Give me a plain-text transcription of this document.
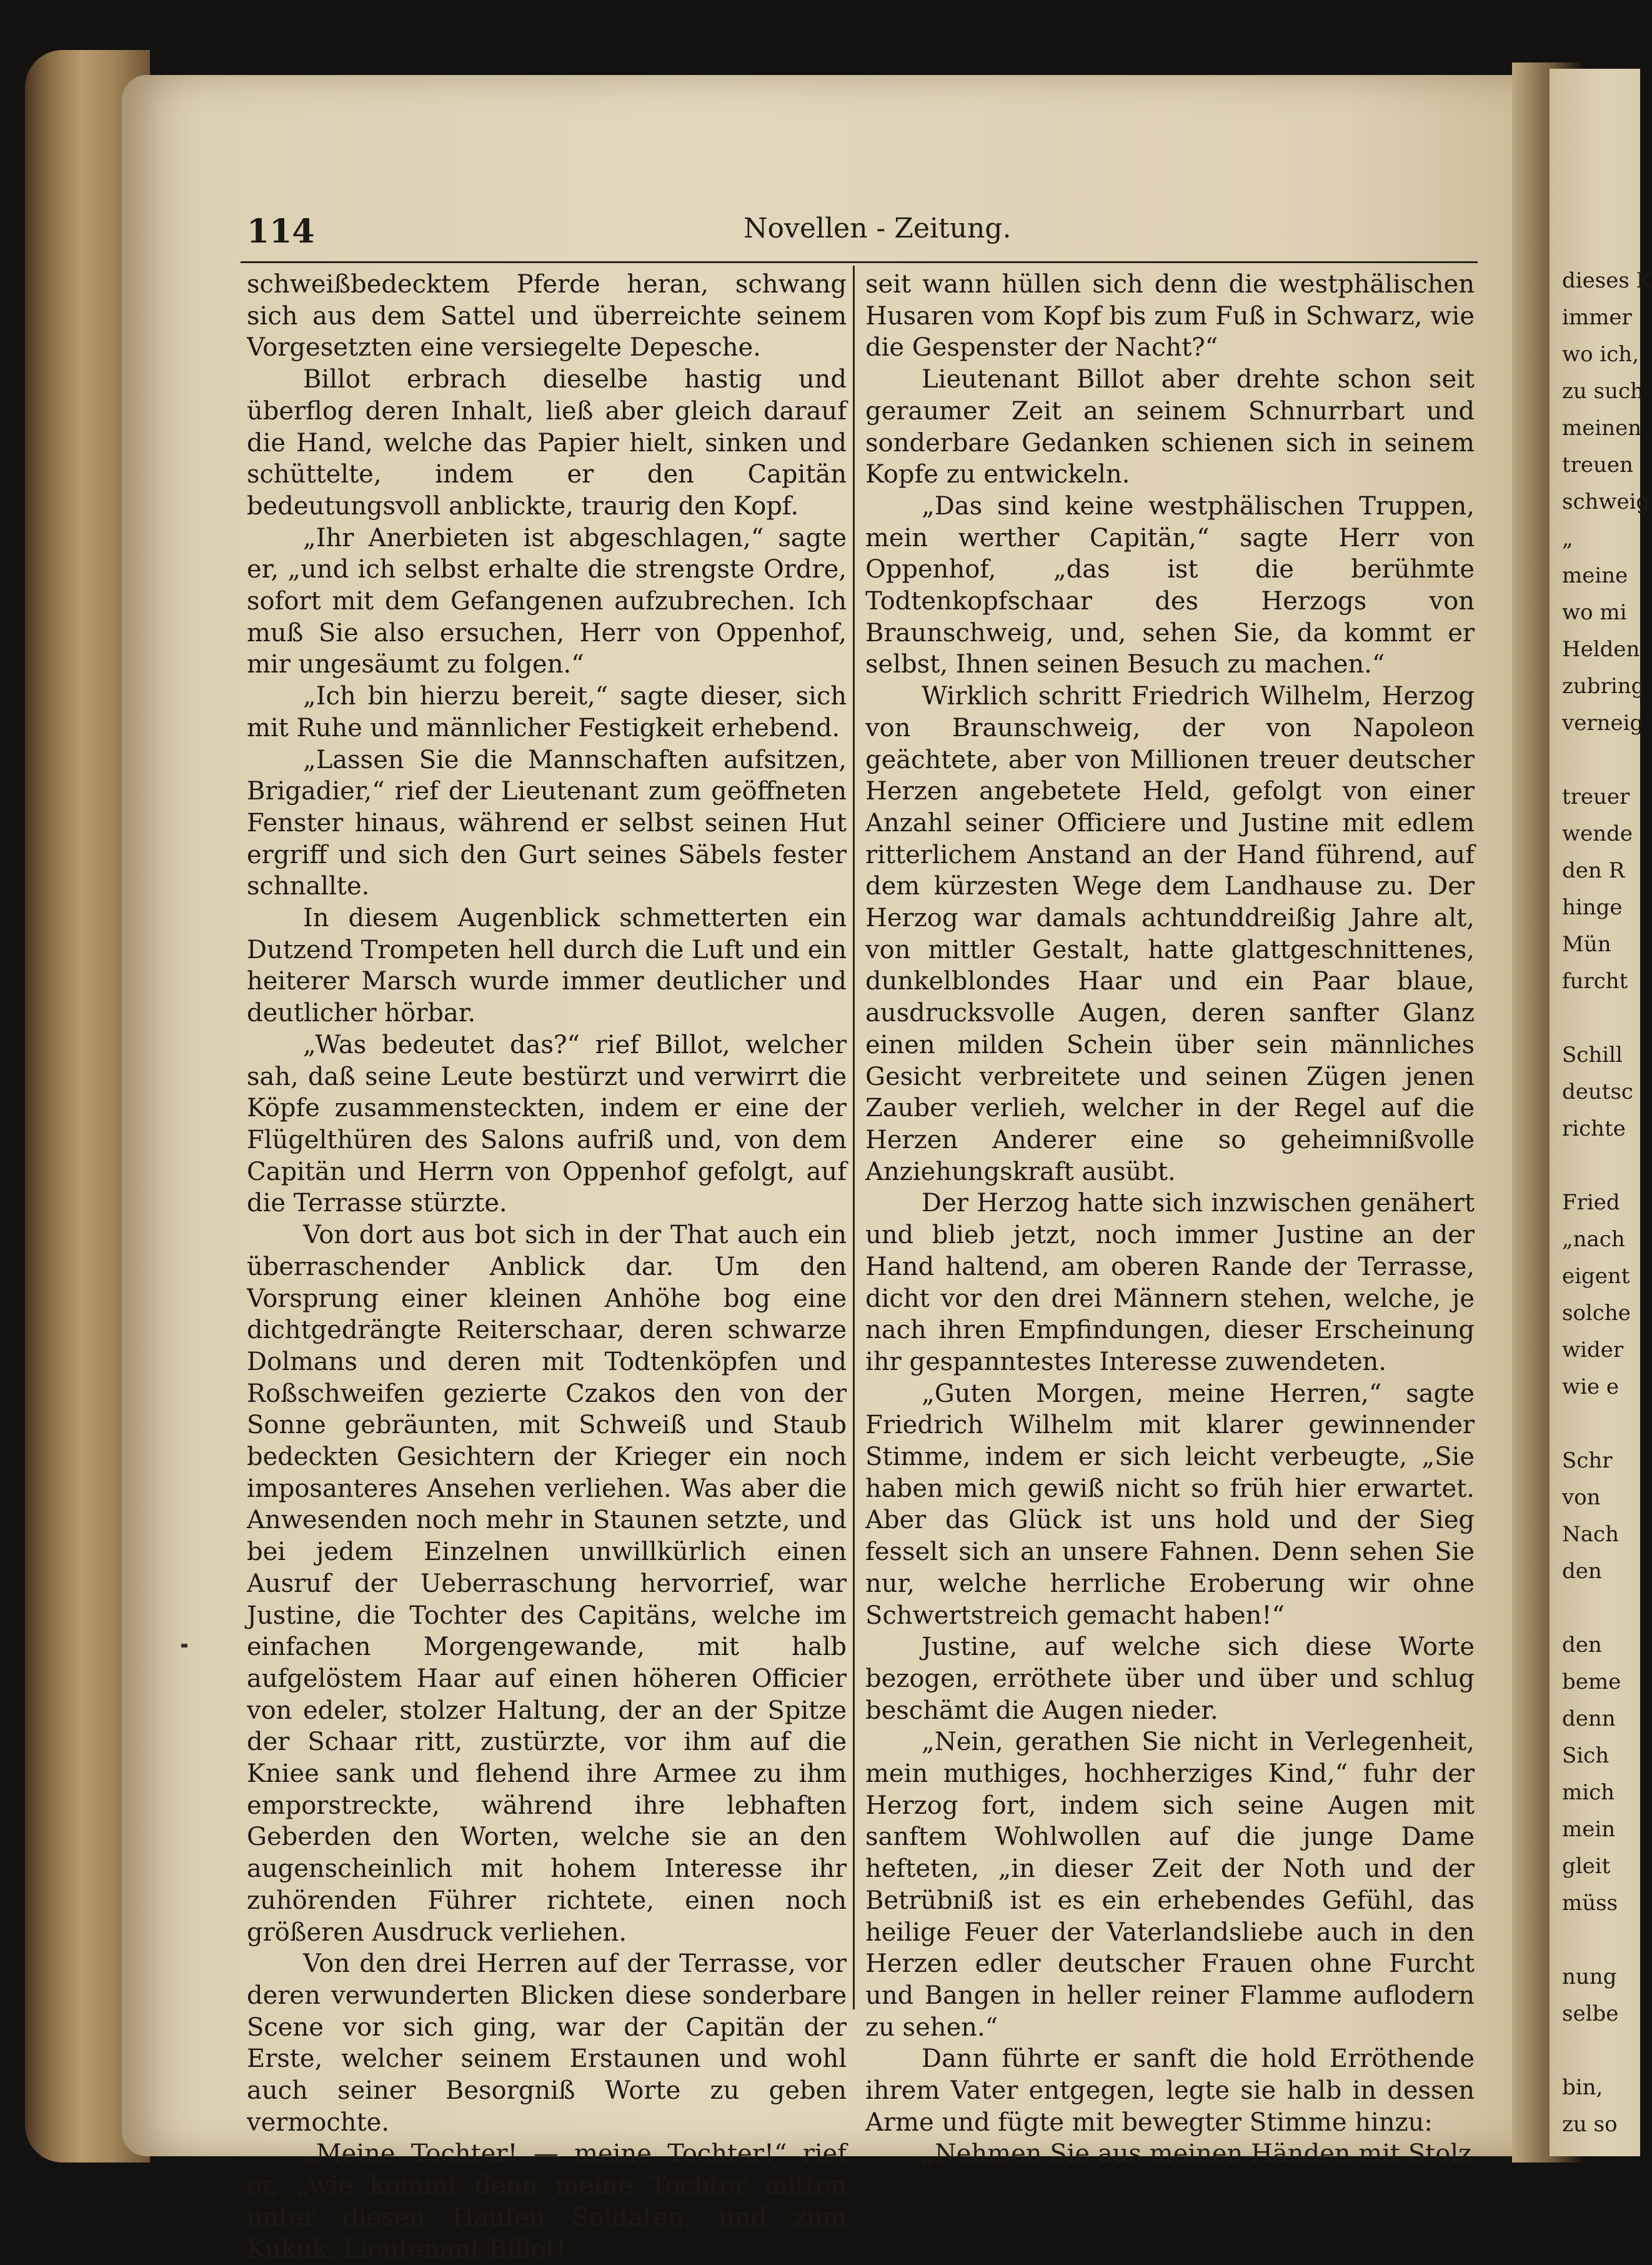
114	Novellen - Zeitung.

schweißbedecktem Pferde heran, schwang sich aus dem Sattel und überreichte seinem Vorgesetzten eine versiegelte Depesche.

Billot erbrach dieselbe hastig und überflog deren Inhalt, ließ aber gleich darauf die Hand, welche das Papier hielt, sinken und schüttelte, indem er den Capitän bedeutungsvoll anblickte, traurig den Kopf.

„Ihr Anerbieten ist abgeschlagen,“ sagte er, „und ich selbst erhalte die strengste Ordre, sofort mit dem Gefangenen aufzubrechen. Ich muß Sie also ersuchen, Herr von Oppenhof, mir ungesäumt zu folgen.“

„Ich bin hierzu bereit,“ sagte dieser, sich mit Ruhe und männlicher Festigkeit erhebend.

„Lassen Sie die Mannschaften aufsitzen, Brigadier,“ rief der Lieutenant zum geöffneten Fenster hinaus, während er selbst seinen Hut ergriff und sich den Gurt seines Säbels fester schnallte.

In diesem Augenblick schmetterten ein Dutzend Trompeten hell durch die Luft und ein heiterer Marsch wurde immer deutlicher und deutlicher hörbar.

„Was bedeutet das?“ rief Billot, welcher sah, daß seine Leute bestürzt und verwirrt die Köpfe zusammensteckten, indem er eine der Flügelthüren des Salons aufriß und, von dem Capitän und Herrn von Oppenhof gefolgt, auf die Terrasse stürzte.

Von dort aus bot sich in der That auch ein überraschender Anblick dar. Um den Vorsprung einer kleinen Anhöhe bog eine dichtgedrängte Reiterschaar, deren schwarze Dolmans und deren mit Todtenköpfen und Roßschweifen gezierte Czakos den von der Sonne gebräunten, mit Schweiß und Staub bedeckten Gesichtern der Krieger ein noch imposanteres Ansehen verliehen. Was aber die Anwesenden noch mehr in Staunen setzte, und bei jedem Einzelnen unwillkürlich einen Ausruf der Ueberraschung hervorrief, war Justine, die Tochter des Capitäns, welche im einfachen Morgengewande, mit halb aufgelöstem Haar auf einen höheren Officier von edeler, stolzer Haltung, der an der Spitze der Schaar ritt, zustürzte, vor ihm auf die Kniee sank und flehend ihre Armee zu ihm emporstreckte, während ihre lebhaften Geberden den Worten, welche sie an den augenscheinlich mit hohem Interesse ihr zuhörenden Führer richtete, einen noch größeren Ausdruck verliehen.

Von den drei Herren auf der Terrasse, vor deren verwunderten Blicken diese sonderbare Scene vor sich ging, war der Capitän der Erste, welcher seinem Erstaunen und wohl auch seiner Besorgniß Worte zu geben vermochte.

„Meine Tochter! — meine Tochter!“ rief er, „wie kommt denn meine Tochter mitten unter diesen Haufen Soldaten, und zum Kukuk, Lieutenant Billot!

seit wann hüllen sich denn die westphälischen Husaren vom Kopf bis zum Fuß in Schwarz, wie die Gespenster der Nacht?“

Lieutenant Billot aber drehte schon seit geraumer Zeit an seinem Schnurrbart und sonderbare Gedanken schienen sich in seinem Kopfe zu entwickeln.

„Das sind keine westphälischen Truppen, mein werther Capitän,“ sagte Herr von Oppenhof, „das ist die berühmte Todtenkopfschaar des Herzogs von Braunschweig, und, sehen Sie, da kommt er selbst, Ihnen seinen Besuch zu machen.“

Wirklich schritt Friedrich Wilhelm, Herzog von Braunschweig, der von Napoleon geächtete, aber von Millionen treuer deutscher Herzen angebetete Held, gefolgt von einer Anzahl seiner Officiere und Justine mit edlem ritterlichem Anstand an der Hand führend, auf dem kürzesten Wege dem Landhause zu. Der Herzog war damals achtunddreißig Jahre alt, von mittler Gestalt, hatte glattgeschnittenes, dunkelblondes Haar und ein Paar blaue, ausdrucksvolle Augen, deren sanfter Glanz einen milden Schein über sein männliches Gesicht verbreitete und seinen Zügen jenen Zauber verlieh, welcher in der Regel auf die Herzen Anderer eine so geheimnißvolle Anziehungskraft ausübt.

Der Herzog hatte sich inzwischen genähert und blieb jetzt, noch immer Justine an der Hand haltend, am oberen Rande der Terrasse, dicht vor den drei Männern stehen, welche, je nach ihren Empfindungen, dieser Erscheinung ihr gespanntestes Interesse zuwendeten.

„Guten Morgen, meine Herren,“ sagte Friedrich Wilhelm mit klarer gewinnender Stimme, indem er sich leicht verbeugte, „Sie haben mich gewiß nicht so früh hier erwartet. Aber das Glück ist uns hold und der Sieg fesselt sich an unsere Fahnen. Denn sehen Sie nur, welche herrliche Eroberung wir ohne Schwertstreich gemacht haben!“

Justine, auf welche sich diese Worte bezogen, erröthete über und über und schlug beschämt die Augen nieder.

„Nein, gerathen Sie nicht in Verlegenheit, mein muthiges, hochherziges Kind,“ fuhr der Herzog fort, indem sich seine Augen mit sanftem Wohlwollen auf die junge Dame hefteten, „in dieser Zeit der Noth und der Betrübniß ist es ein erhebendes Gefühl, das heilige Feuer der Vaterlandsliebe auch in den Herzen edler deutscher Frauen ohne Furcht und Bangen in heller reiner Flamme auflodern zu sehen.“

Dann führte er sanft die hold Erröthende ihrem Vater entgegen, legte sie halb in dessen Arme und fügte mit bewegter Stimme hinzu:

„Nehmen Sie aus meinen Händen mit Stolz

dieses K
immer
wo ich,
zu such
meinen
treuen
schweig
„
meine
wo mi
Helden
zubring
verneig

treuer
wende
den R
hinge
Mün
furcht

Schill
deutsc
richte

Fried
„nach
eigent
solche
wider
wie e

Schr
von
Nach
den

den
beme
denn
Sich
mich
mein
gleit
müss

nung
selbe

bin,
zu so
